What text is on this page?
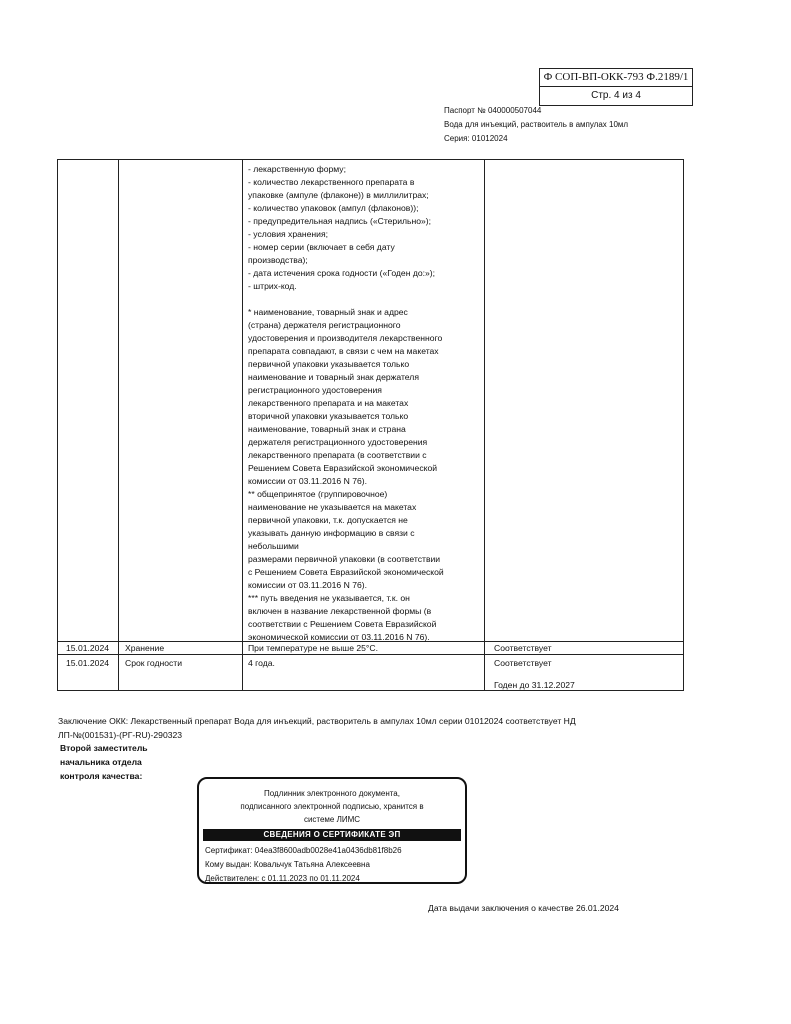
Ф СОП-ВП-ОКК-793 Ф.2189/1
Стр. 4 из 4
Паспорт № 040000507044
Вода для инъекций, раствоитель в ампулах 10мл
Серия: 01012024
- лекарственную форму;
- количество лекарственного препарата в
упаковке (ампуле (флаконе)) в миллилитрах;
- количество упаковок (ампул (флаконов));
- предупредительная надпись («Стерильно»);
- условия хранения;
- номер серии (включает в себя дату
производства);
- дата истечения срока годности («Годен до:»);
- штрих-код.
* наименование, товарный знак и адрес
(страна) держателя регистрационного
удостоверения и производителя лекарственного
препарата совпадают, в связи с чем на макетах
первичной упаковки указывается только
наименование и товарный знак держателя
регистрационного удостоверения
лекарственного препарата и на макетах
вторичной упаковки указывается только
наименование, товарный знак и страна
держателя регистрационного удостоверения
лекарственного препарата (в соответствии с
Решением Совета Евразийской экономической
комиссии от 03.11.2016 N 76).
** общепринятое (группировочное)
наименование не указывается на макетах
первичной упаковки, т.к. допускается не
указывать данную информацию в связи с
небольшими
размерами первичной упаковки (в соответствии
с Решением Совета Евразийской экономической
комиссии от 03.11.2016 N 76).
*** путь введения не указывается, т.к. он
включен в название лекарственной формы (в
соответствии с Решением Совета Евразийской
экономической комиссии от 03.11.2016 N 76).
15.01.2024 Хранение	При температуре не выше 25°С.	Соответствует
15.01.2024 Срок годности	4 года.	Соответствует
Годен до 31.12.2027
Заключение ОКК: Лекарственный препарат Вода для инъекций, растворитель в ампулах 10мл серии 01012024 соответствует НД
ЛП-№(001531)-(РГ-RU)-290323
Второй заместитель
начальника отдела
контроля качества:
Подлинник электронного документа,
подписанного электронной подписью, хранится в
системе ЛИМС
СВЕДЕНИЯ О СЕРТИФИКАТЕ ЭП
Сертификат: 04ea3f8600adb0028e41a0436db81f8b26
Кому выдан: Ковальчук Татьяна Алексеевна
Действителен: с 01.11.2023 по 01.11.2024
Дата выдачи заключения о качестве 26.01.2024
